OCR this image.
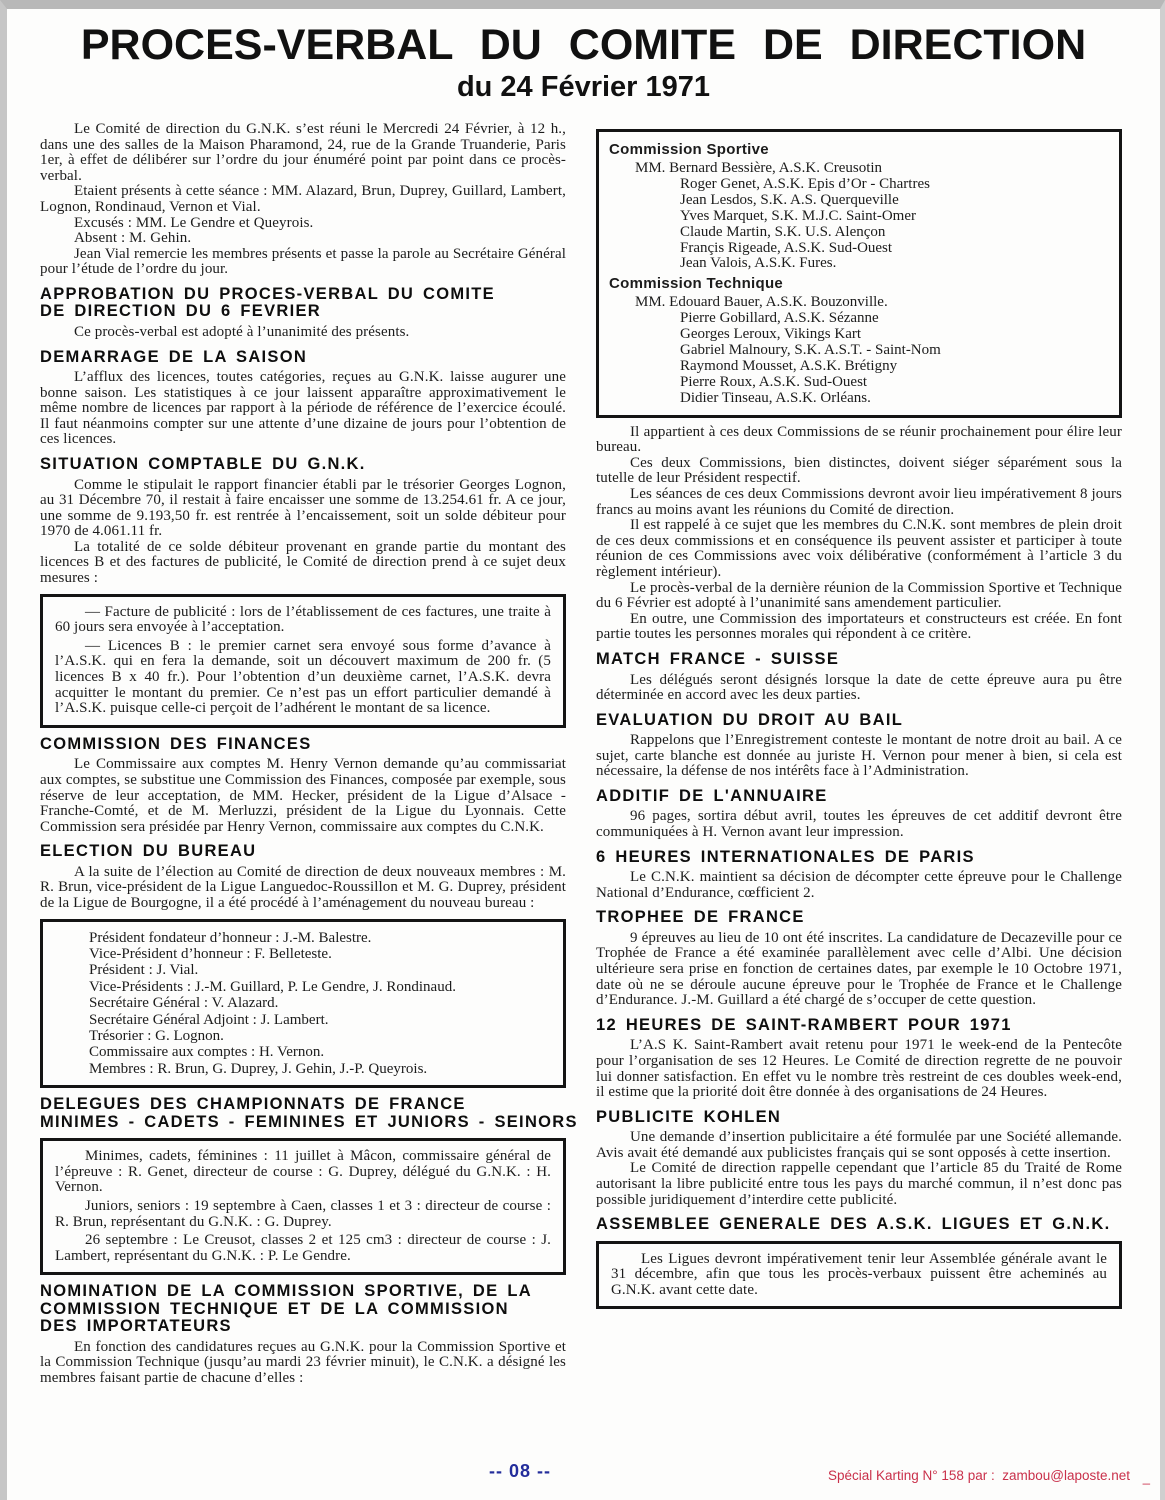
PROCES-VERBAL DU COMITE DE DIRECTION
du 24 Février 1971

Le Comité de direction du G.N.K. s’est réuni le Mercredi 24 Février, à 12 h., dans une des salles de la Maison Pharamond, 24, rue de la Grande Truanderie, Paris 1er, à effet de délibérer sur l’ordre du jour énuméré point par point dans ce procès-verbal.

Etaient présents à cette séance : MM. Alazard, Brun, Duprey, Guillard, Lambert, Lognon, Rondinaud, Vernon et Vial.

Excusés : MM. Le Gendre et Queyrois.

Absent : M. Gehin.

Jean Vial remercie les membres présents et passe la parole au Secrétaire Général pour l’étude de l’ordre du jour.

APPROBATION DU PROCES-VERBAL DU COMITE
DE DIRECTION DU 6 FEVRIER

Ce procès-verbal est adopté à l’unanimité des présents.

DEMARRAGE DE LA SAISON

L’afflux des licences, toutes catégories, reçues au G.N.K. laisse augurer une bonne saison. Les statistiques à ce jour laissent apparaître approximativement le même nombre de licences par rapport à la période de référence de l’exercice écoulé. Il faut néanmoins compter sur une attente d’une dizaine de jours pour l’obtention de ces licences.

SITUATION COMPTABLE DU G.N.K.

Comme le stipulait le rapport financier établi par le trésorier Georges Lognon, au 31 Décembre 70, il restait à faire encaisser une somme de 13.254.61 fr. A ce jour, une somme de 9.193,50 fr. est rentrée à l’encaissement, soit un solde débiteur pour 1970 de 4.061.11 fr.

La totalité de ce solde débiteur provenant en grande partie du montant des licences B et des factures de publicité, le Comité de direction prend à ce sujet deux mesures :

— Facture de publicité : lors de l’établissement de ces factures, une traite à 60 jours sera envoyée à l’acceptation.

— Licences B : le premier carnet sera envoyé sous forme d’avance à l’A.S.K. qui en fera la demande, soit un découvert maximum de 200 fr. (5 licences B x 40 fr.). Pour l’obtention d’un deuxième carnet, l’A.S.K. devra acquitter le montant du premier. Ce n’est pas un effort particulier demandé à l’A.S.K. puisque celle-ci perçoit de l’adhérent le montant de sa licence.

COMMISSION DES FINANCES

Le Commissaire aux comptes M. Henry Vernon demande qu’au commissariat aux comptes, se substitue une Commission des Finances, composée par exemple, sous réserve de leur acceptation, de MM. Hecker, président de la Ligue d’Alsace - Franche-Comté, et de M. Merluzzi, président de la Ligue du Lyonnais. Cette Commission sera présidée par Henry Vernon, commissaire aux comptes du C.N.K.

ELECTION DU BUREAU

A la suite de l’élection au Comité de direction de deux nouveaux membres : M. R. Brun, vice-président de la Ligue Languedoc-Roussillon et M. G. Duprey, président de la Ligue de Bourgogne, il a été procédé à l’aménagement du nouveau bureau :

Président fondateur d’honneur : J.-M. Balestre.
Vice-Président d’honneur : F. Belleteste.
Président : J. Vial.
Vice-Présidents : J.-M. Guillard, P. Le Gendre, J. Rondinaud.
Secrétaire Général : V. Alazard.
Secrétaire Général Adjoint : J. Lambert.
Trésorier : G. Lognon.
Commissaire aux comptes : H. Vernon.
Membres : R. Brun, G. Duprey, J. Gehin, J.-P. Queyrois.
DELEGUES DES CHAMPIONNATS DE FRANCE
MINIMES - CADETS - FEMININES ET JUNIORS - SEINORS

Minimes, cadets, féminines : 11 juillet à Mâcon, commissaire général de l’épreuve : R. Genet, directeur de course : G. Duprey, délégué du G.N.K. : H. Vernon.

Juniors, seniors : 19 septembre à Caen, classes 1 et 3 : directeur de course : R. Brun, représentant du G.N.K. : G. Duprey.

26 septembre : Le Creusot, classes 2 et 125 cm3 : directeur de course : J. Lambert, représentant du G.N.K. : P. Le Gendre.

NOMINATION DE LA COMMISSION SPORTIVE, DE LA
COMMISSION TECHNIQUE ET DE LA COMMISSION
DES IMPORTATEURS

En fonction des candidatures reçues au G.N.K. pour la Commission Sportive et la Commission Technique (jusqu’au mardi 23 février minuit), le C.N.K. a désigné les membres faisant partie de chacune d’elles :

Commission Sportive
MM. Bernard Bessière, A.S.K. Creusotin
Roger Genet, A.S.K. Epis d’Or - Chartres
Jean Lesdos, S.K. A.S. Querqueville
Yves Marquet, S.K. M.J.C. Saint-Omer
Claude Martin, S.K. U.S. Alençon
Françis Rigeade, A.S.K. Sud-Ouest
Jean Valois, A.S.K. Fures.
Commission Technique
MM. Edouard Bauer, A.S.K. Bouzonville.
Pierre Gobillard, A.S.K. Sézanne
Georges Leroux, Vikings Kart
Gabriel Malnoury, S.K. A.S.T. - Saint-Nom
Raymond Mousset, A.S.K. Brétigny
Pierre Roux, A.S.K. Sud-Ouest
Didier Tinseau, A.S.K. Orléans.

Il appartient à ces deux Commissions de se réunir prochainement pour élire leur bureau.

Ces deux Commissions, bien distinctes, doivent siéger séparément sous la tutelle de leur Président respectif.

Les séances de ces deux Commissions devront avoir lieu impérativement 8 jours francs au moins avant les réunions du Comité de direction.

Il est rappelé à ce sujet que les membres du C.N.K. sont membres de plein droit de ces deux commissions et en conséquence ils peuvent assister et participer à toute réunion de ces Commissions avec voix délibérative (conformément à l’article 3 du règlement intérieur).

Le procès-verbal de la dernière réunion de la Commission Sportive et Technique du 6 Février est adopté à l’unanimité sans amendement particulier.

En outre, une Commission des importateurs et constructeurs est créée. En font partie toutes les personnes morales qui répondent à ce critère.

MATCH FRANCE - SUISSE

Les délégués seront désignés lorsque la date de cette épreuve aura pu être déterminée en accord avec les deux parties.

EVALUATION DU DROIT AU BAIL

Rappelons que l’Enregistrement conteste le montant de notre droit au bail. A ce sujet, carte blanche est donnée au juriste H. Vernon pour mener à bien, si cela est nécessaire, la défense de nos intérêts face à l’Administration.

ADDITIF DE L'ANNUAIRE

96 pages, sortira début avril, toutes les épreuves de cet additif devront être communiquées à H. Vernon avant leur impression.

6 HEURES INTERNATIONALES DE PARIS

Le C.N.K. maintient sa décision de décompter cette épreuve pour le Challenge National d’Endurance, cœfficient 2.

TROPHEE DE FRANCE

9 épreuves au lieu de 10 ont été inscrites. La candidature de Decazeville pour ce Trophée de France a été examinée parallèlement avec celle d’Albi. Une décision ultérieure sera prise en fonction de certaines dates, par exemple le 10 Octobre 1971, date où ne se déroule aucune épreuve pour le Trophée de France et le Challenge d’Endurance. J.-M. Guillard a été chargé de s’occuper de cette question.

12 HEURES DE SAINT-RAMBERT POUR 1971

L’A.S K. Saint-Rambert avait retenu pour 1971 le week-end de la Pentecôte pour l’organisation de ses 12 Heures. Le Comité de direction regrette de ne pouvoir lui donner satisfaction. En effet vu le nombre très restreint de ces doubles week-end, il estime que la priorité doit être donnée à des organisations de 24 Heures.

PUBLICITE KOHLEN

Une demande d’insertion publicitaire a été formulée par une Société allemande. Avis avait été demandé aux publicistes français qui se sont opposés à cette insertion.

Le Comité de direction rappelle cependant que l’article 85 du Traité de Rome autorisant la libre publicité entre tous les pays du marché commun, il n’est donc pas possible juridiquement d’interdire cette publicité.

ASSEMBLEE GENERALE DES A.S.K. LIGUES ET G.N.K.

Les Ligues devront impérativement tenir leur Assemblée générale avant le 31 décembre, afin que tous les procès-verbaux puissent être acheminés au G.N.K. avant cette date.

-- 08 --	Spécial Karting N° 158 par :  zambou@laposte.net _
